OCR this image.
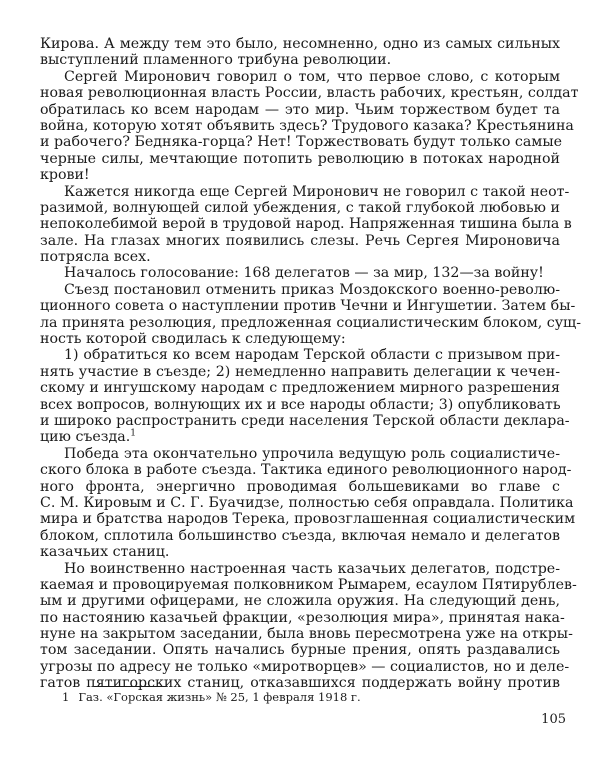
Кирова. А между тем это было, несомненно, одно из самых сильных
выступлений пламенного трибуна революции.
Сергей Миронович говорил о том, что первое слово, с которым
новая революционная власть России, власть рабочих, крестьян, солдат
обратилась ко всем народам — это мир. Чьим торжеством будет та
война, которую хотят объявить здесь? Трудового казака? Крестьянина
и рабочего? Бедняка-горца? Нет! Торжествовать будут только самые
черные силы, мечтающие потопить революцию в потоках народной
крови!
Кажется никогда еще Сергей Миронович не говорил с такой неот-
разимой, волнующей силой убеждения, с такой глубокой любовью и
непоколебимой верой в трудовой народ. Напряженная тишина была в
зале. На глазах многих появились слезы. Речь Сергея Мироновича
потрясла всех.
Началось голосование: 168 делегатов — за мир, 132—за войну!
Съезд постановил отменить приказ Моздокского военно-револю-
ционного совета о наступлении против Чечни и Ингушетии. Затем бы-
ла принята резолюция, предложенная социалистическим блоком, сущ-
ность которой сводилась к следующему:
1) обратиться ко всем народам Терской области с призывом при-
нять участие в съезде; 2) немедленно направить делегации к чечен-
скому и ингушскому народам с предложением мирного разрешения
всех вопросов, волнующих их и все народы области; 3) опубликовать
и широко распространить среди населения Терской области деклара-
цию съезда.$^1$
Победа эта окончательно упрочила ведущую роль социалистиче-
ского блока в работе съезда. Тактика единого революционного народ-
ного фронта, энергично проводимая большевиками во главе с
С. М. Кировым и С. Г. Буачидзе, полностью себя оправдала. Политика
мира и братства народов Терека, провозглашенная социалистическим
блоком, сплотила большинство съезда, включая немало и делегатов
казачьих станиц.
Но воинственно настроенная часть казачьих делегатов, подстре-
каемая и провоцируемая полковником Рымарем, есаулом Пятирублев-
ым и другими офицерами, не сложила оружия. На следующий день,
по настоянию казачьей фракции, «резолюция мира», принятая нака-
нуне на закрытом заседании, была вновь пересмотрена уже на откры-
том заседании. Опять начались бурные прения, опять раздавались
угрозы по адресу не только «миротворцев» — социалистов, но и деле-
гатов пятигорских станиц, отказавшихся поддержать войну против
1 Газ. «Горская жизнь» № 25, 1 февраля 1918 г.
105
